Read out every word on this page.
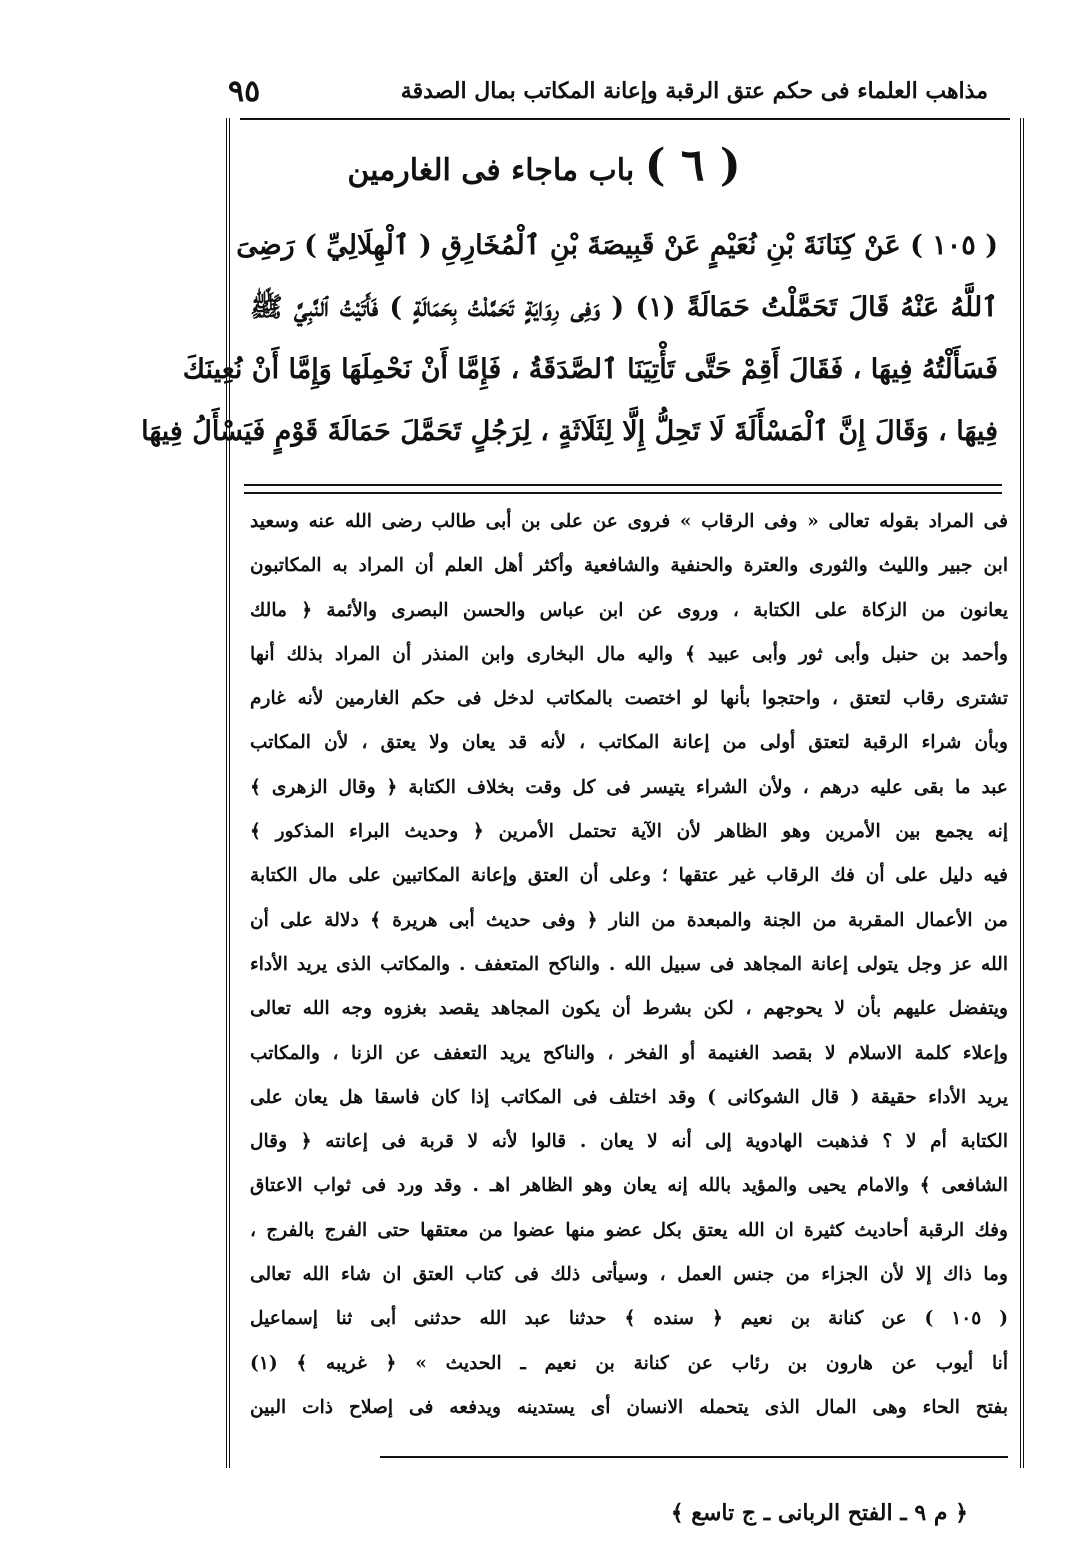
مذاهب العلماء فى حكم عتق الرقبة وإعانة المكاتب بمال الصدقة
٩٥
( ٦ ) باب ماجاء فى الغارمين
( ١٠٥ ) عَنْ كِنَانَةَ بْنِ نُعَيْمٍ عَنْ قَبِيصَةَ بْنِ ٱلْمُخَارِقِ ( ٱلْهِلَالِيِّ ) رَضِىَ
ٱللَّهُ عَنْهُ قَالَ تَحَمَّلْتُ حَمَالَةً (١) ( وَفِى رِوَايَةٍ تَحَمَّلْتُ بِحَمَالَةٍ ) فَأَتَيْتُ ٱلنَّبِيَّ ﷺ
فَسَأَلْتُهُ فِيهَا ، فَقَالَ أَقِمْ حَتَّى تَأْتِيَنَا ٱلصَّدَقَةُ ، فَإِمَّا أَنْ نَحْمِلَهَا وَإِمَّا أَنْ نُعِينَكَ
فِيهَا ، وَقَالَ إِنَّ ٱلْمَسْأَلَةَ لَا تَحِلُّ إِلَّا لِثَلَاثَةٍ ، لِرَجُلٍ تَحَمَّلَ حَمَالَةَ قَوْمٍ فَيَسْأَلُ فِيهَا
فى المراد بقوله تعالى « وفى الرقاب » فروى عن على بن أبى طالب رضى الله عنه وسعيد
ابن جبير والليث والثورى والعترة والحنفية والشافعية وأكثر أهل العلم أن المراد به المكاتبون
يعانون من الزكاة على الكتابة ، وروى عن ابن عباس والحسن البصرى والأئمة ﴿ مالك
وأحمد بن حنبل وأبى ثور وأبى عبيد ﴾ واليه مال البخارى وابن المنذر أن المراد بذلك أنها
تشترى رقاب لتعتق ، واحتجوا بأنها لو اختصت بالمكاتب لدخل فى حكم الغارمين لأنه غارم
وبأن شراء الرقبة لتعتق أولى من إعانة المكاتب ، لأنه قد يعان ولا يعتق ، لأن المكاتب
عبد ما بقى عليه درهم ، ولأن الشراء يتيسر فى كل وقت بخلاف الكتابة ﴿ وقال الزهرى ﴾
إنه يجمع بين الأمرين وهو الظاهر لأن الآية تحتمل الأمرين ﴿ وحديث البراء المذكور ﴾
فيه دليل على أن فك الرقاب غير عتقها ؛ وعلى أن العتق وإعانة المكاتبين على مال الكتابة
من الأعمال المقربة من الجنة والمبعدة من النار ﴿ وفى حديث أبى هريرة ﴾ دلالة على أن
الله عز وجل يتولى إعانة المجاهد فى سبيل الله . والناكح المتعفف . والمكاتب الذى يريد الأداء
ويتفضل عليهم بأن لا يحوجهم ، لكن بشرط أن يكون المجاهد يقصد بغزوه وجه الله تعالى
وإعلاء كلمة الاسلام لا بقصد الغنيمة أو الفخر ، والناكح يريد التعفف عن الزنا ، والمكاتب
يريد الأداء حقيقة ( قال الشوكانى ) وقد اختلف فى المكاتب إذا كان فاسقا هل يعان على
الكتابة أم لا ؟ فذهبت الهادوية إلى أنه لا يعان . قالوا لأنه لا قربة فى إعانته ﴿ وقال
الشافعى ﴾ والامام يحيى والمؤيد بالله إنه يعان وهو الظاهر اهـ . وقد ورد فى ثواب الاعتاق
وفك الرقبة أحاديث كثيرة ان الله يعتق بكل عضو منها عضوا من معتقها حتى الفرج بالفرج ،
وما ذاك إلا لأن الجزاء من جنس العمل ، وسيأتى ذلك فى كتاب العتق ان شاء الله تعالى
( ١٠٥ ) عن كنانة بن نعيم ﴿ سنده ﴾ حدثنا عبد الله حدثنى أبى ثنا إسماعيل
أنا أيوب عن هارون بن رئاب عن كنانة بن نعيم ـ الحديث » ﴿ غريبه ﴾ (١)
بفتح الحاء وهى المال الذى يتحمله الانسان أى يستدينه ويدفعه فى إصلاح ذات البين
﴿ م ٩ ـ الفتح الربانى ـ ج تاسع ﴾
